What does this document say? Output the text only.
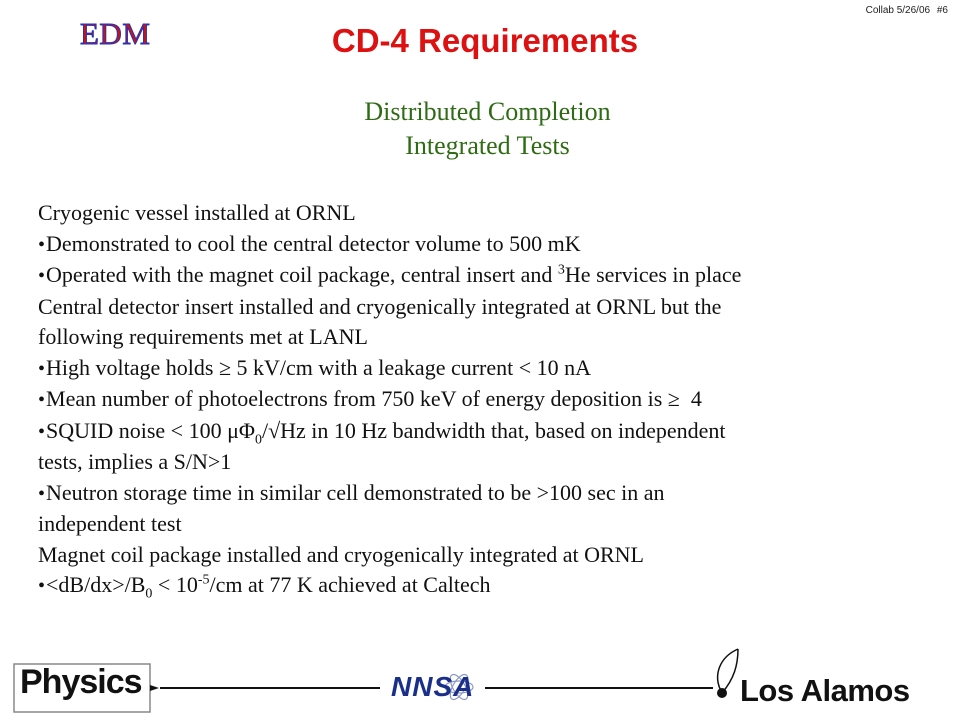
EDM
Collab 5/26/06 #6
CD-4 Requirements
Distributed Completion
Integrated Tests
Cryogenic vessel installed at ORNL
•Demonstrated to cool the central detector volume to 500 mK
•Operated with the magnet coil package, central insert and $^3$He services in place
Central detector insert installed and cryogenically integrated at ORNL but the
following requirements met at LANL
•High voltage holds ≥ 5 kV/cm with a leakage current < 10 nA
•Mean number of photoelectrons from 750 keV of energy deposition is ≥ 4
•SQUID noise < 100 $\mu\Phi_0/√Hz$ in 10 Hz bandwidth that, based on independent
tests, implies a S/N>1
•Neutron storage time in similar cell demonstrated to be >100 sec in an
independent test
Magnet coil package installed and cryogenically integrated at ORNL
$•<dB/dx>/B_0 < 10^{-5}/cm$ at 77 K achieved at Caltech
Physics	NNSA	Los Alamos
